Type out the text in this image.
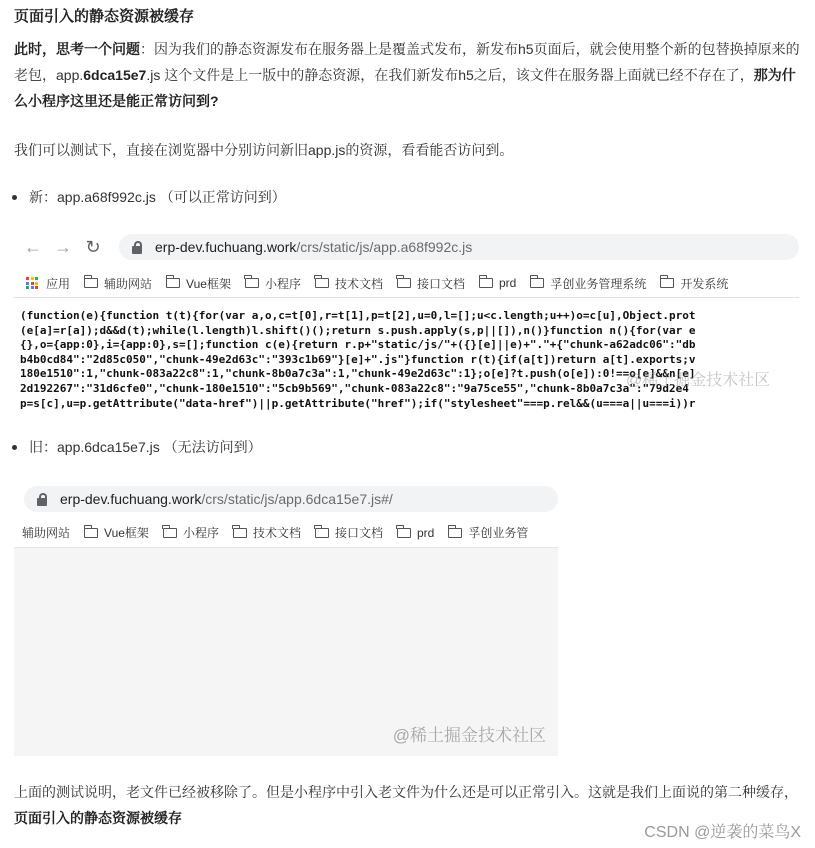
页面引入的静态资源被缓存
此时，思考一个问题：因为我们的静态资源发布在服务器上是覆盖式发布，新发布h5页面后，就会使用整个新的包替换掉原来的老包，app.6dca15e7.js 这个文件是上一版中的静态资源，在我们新发布h5之后，该文件在服务器上面就已经不存在了，那为什么小程序这里还是能正常访问到?
我们可以测试下，直接在浏览器中分别访问新旧app.js的资源，看看能否访问到。
新：app.a68f992c.js （可以正常访问到）
← → ↻	erp-dev.fuchuang.work/crs/static/js/app.a68f992c.js
应用	辅助网站	Vue框架	小程序	技术文档	接口文档	prd	孚创业务管理系统	开发系统
(function(e){function t(t){for(var a,o,c=t[0],r=t[1],p=t[2],u=0,l=[];u<c.length;u++)o=c[u],Object.prot
(e[a]=r[a]);d&&d(t);while(l.length)l.shift()();return s.push.apply(s,p||[]),n()}function n(){for(var e
{},o={app:0},i={app:0},s=[];function c(e){return r.p+"static/js/"+({}[e]||e)+"."+{"chunk-a62adc06":"db
b4b0cd84":"2d85c050","chunk-49e2d63c":"393c1b69"}[e]+".js"}function r(t){if(a[t])return a[t].exports;v
180e1510":1,"chunk-083a22c8":1,"chunk-8b0a7c3a":1,"chunk-49e2d63c":1};o[e]?t.push(o[e]):0!==o[e]&&n[e]
2d192267":"31d6cfe0","chunk-180e1510":"5cb9b569","chunk-083a22c8":"9a75ce55","chunk-8b0a7c3a":"79d2e4
p=s[c],u=p.getAttribute("data-href")||p.getAttribute("href");if("stylesheet"===p.rel&&(u===a||u===i))r
@稀土掘金技术社区
旧：app.6dca15e7.js （无法访问到）
erp-dev.fuchuang.work/crs/static/js/app.6dca15e7.js#/
辅助网站	Vue框架	小程序	技术文档	接口文档	prd	孚创业务管
@稀土掘金技术社区
上面的测试说明，老文件已经被移除了。但是小程序中引入老文件为什么还是可以正常引入。这就是我们上面说的第二种缓存，页面引入的静态资源被缓存
CSDN @逆袭的菜鸟X
